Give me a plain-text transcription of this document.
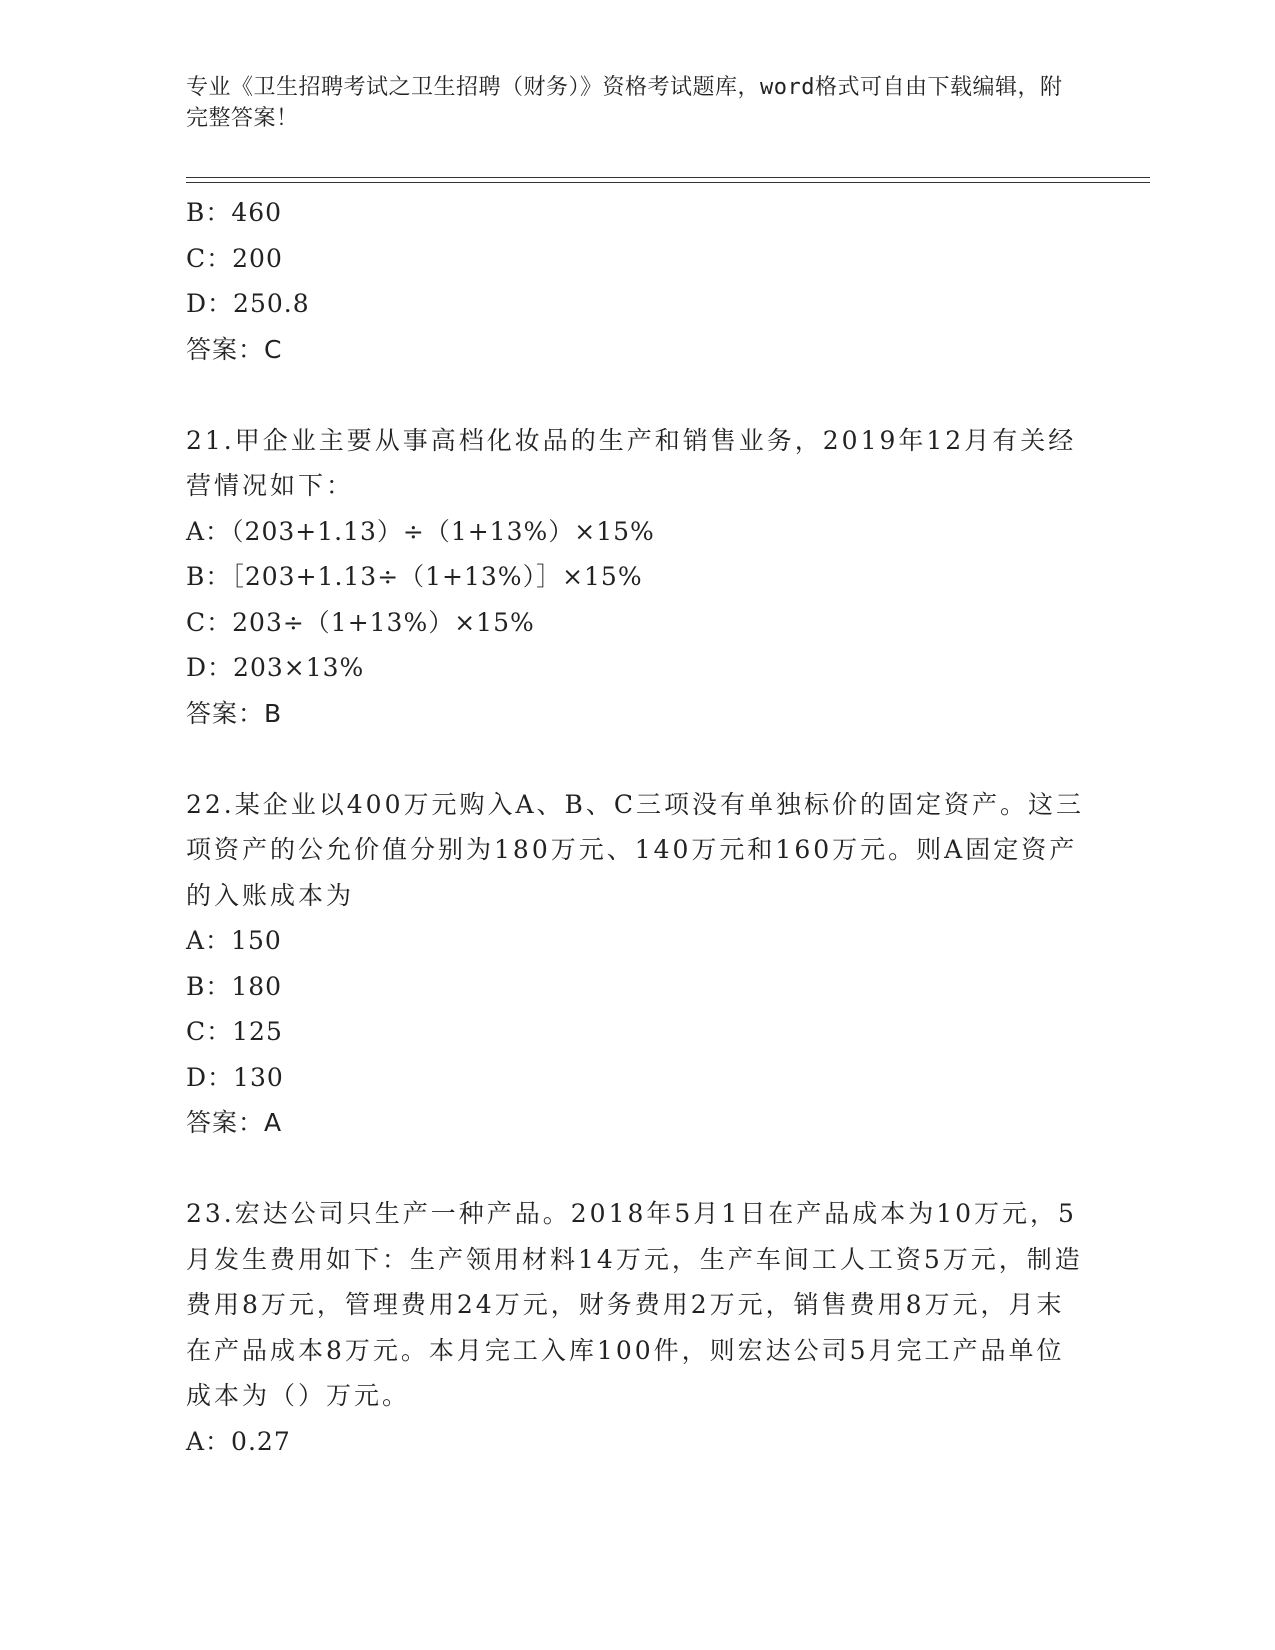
专业《卫生招聘考试之卫生招聘（财务）》资格考试题库，word格式可自由下载编辑，附完整答案！
B：460
C：200
D：250.8
答案：C
21.甲企业主要从事高档化妆品的生产和销售业务，2019年12月有关经营情况如下：
A：（203+1.13）÷（1+13%）×15%
B：［203+1.13÷（1+13%）］×15%
C：203÷（1+13%）×15%
D：203×13%
答案：B
22.某企业以400万元购入A、B、C三项没有单独标价的固定资产。这三项资产的公允价值分别为180万元、140万元和160万元。则A固定资产的入账成本为
A：150
B：180
C：125
D：130
答案：A
23.宏达公司只生产一种产品。2018年5月1日在产品成本为10万元，5月发生费用如下：生产领用材料14万元，生产车间工人工资5万元，制造费用8万元，管理费用24万元，财务费用2万元，销售费用8万元，月末在产品成本8万元。本月完工入库100件，则宏达公司5月完工产品单位成本为（）万元。
A：0.27
